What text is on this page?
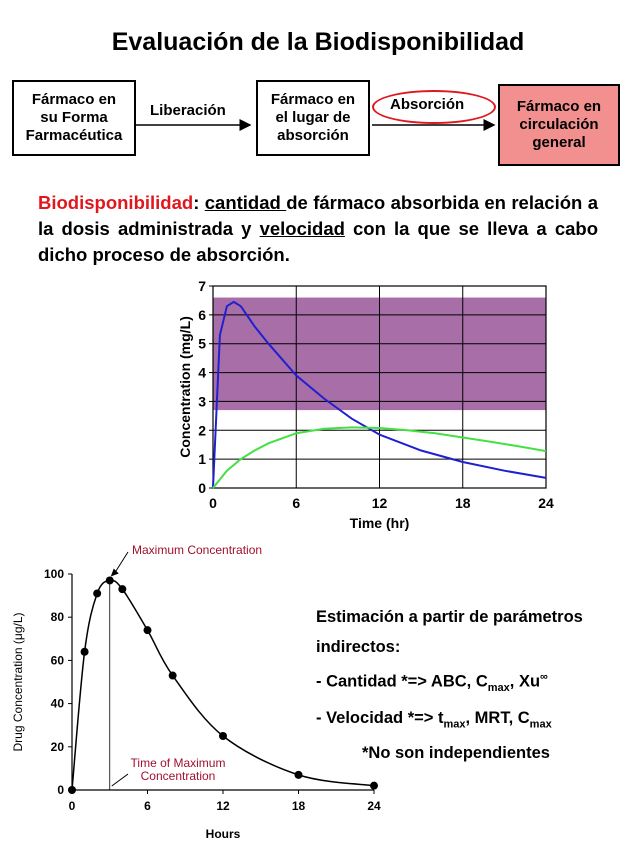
Evaluación de la Biodisponibilidad
Fármaco en
su Forma
Farmacéutica
Liberación
Fármaco en
el lugar de
absorción
Absorción	Fármaco en
circulación
general
Biodisponibilidad: cantidad de fármaco absorbida en relación a la dosis administrada y velocidad con la que se lleva a cabo dicho proceso de absorción.
0
1
2
3
4
5
6
7
0	6	12	18	24
Time (hr)
Concentration (mg/L)
0
20
40
60
80
100
0	6	12	18	24
Maximum Concentration
Time of Maximum
Concentration
Hours
Drug Concentration (μg/L)	Estimación a partir de parámetros
indirectos:
- Cantidad *=> ABC, $C_{max}$, Xu∞
- Velocidad *=> $t_{max}$, MRT, $C_{max}$
*No son independientes
